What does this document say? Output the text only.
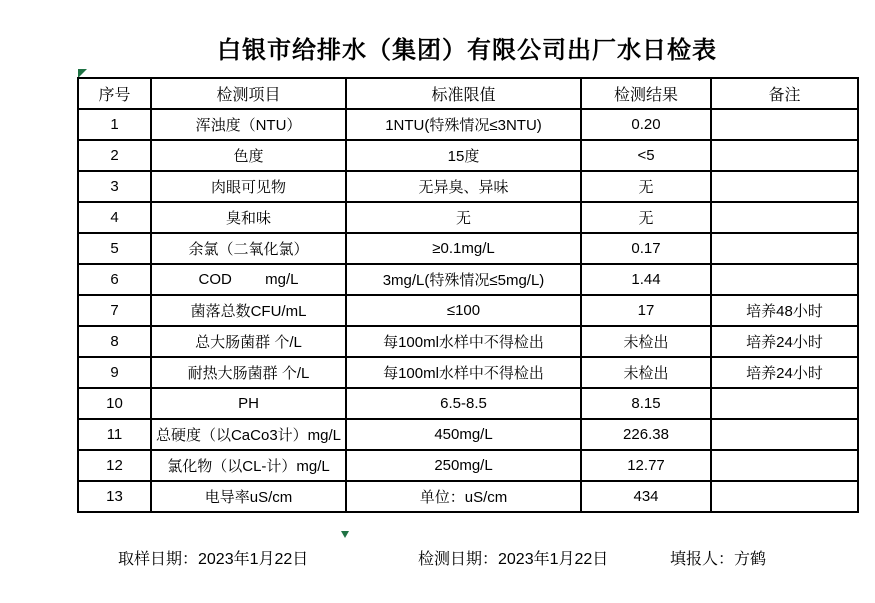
白银市给排水（集团）有限公司出厂水日检表
序号	检测项目	标准限值	检测结果	备注
1	浑浊度（NTU）	1NTU(特殊情况≤3NTU)	0.20	
2	色度	15度	<5	
3	肉眼可见物	无异臭、异味	无	
4	臭和味	无	无	
5	余氯（二氧化氯）	≥0.1mg/L	0.17	
6	COD        mg/L	3mg/L(特殊情况≤5mg/L)	1.44	
7	菌落总数CFU/mL	≤100	17	培养48小时
8	总大肠菌群 个/L	每100ml水样中不得检出	未检出	培养24小时
9	耐热大肠菌群 个/L	每100ml水样中不得检出	未检出	培养24小时
10	PH	6.5-8.5	8.15	
11	总硬度（以CaCo3计）mg/L	450mg/L	226.38	
12	氯化物（以CL-计）mg/L	250mg/L	12.77	
13	电导率uS/cm	单位：uS/cm	434	
取样日期：2023年1月22日	检测日期：2023年1月22日	填报人：方鹤
